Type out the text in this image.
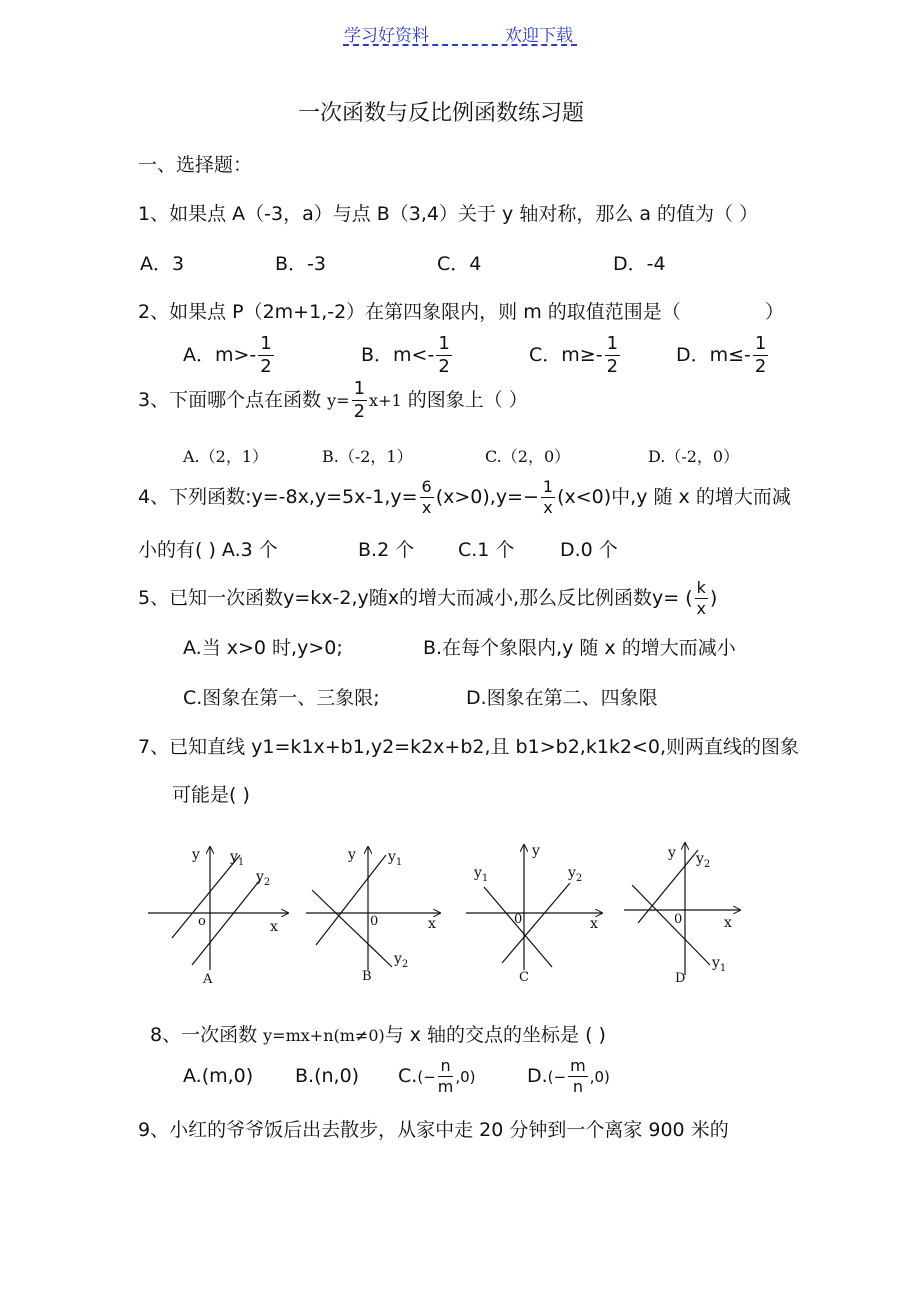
学习好资料	欢迎下载
一次函数与反比例函数练习题
一、选择题：
1、如果点 A（-3，a）与点 B（3,4）关于 y 轴对称，那么 a 的值为（ ）
A．3	B．-3	C．4	D．-4
2、如果点 P（2m+1,-2）在第四象限内，则 m 的取值范围是（	）
A．$m>- \frac{1}{2}$	B．$m<- \frac{1}{2}$	C．$m\ge- \frac{1}{2}$	D．$m\le- \frac{1}{2}$
3、下面哪个点在函数 $y= \frac{1}{2} x+1$ 的图象上（ ）
A.（2，1）	B.（-2，1）	C.（2，0）	D.（-2，0）
4、下列函数:y=-8x,y=5x-1,y= $\frac{6}{x} (x>0),y=- \frac{1}{x} (x<0)$中,y 随 x 的增大而减
小的有( ) A.3 个	B.2 个 C.1 个 D.0 个
5、已知一次函数y=kx-2,y随x的增大而减小,那么反比例函数y= ( $\frac{k}{x}$ )
A.当 x>0 时,y>0;	B.在每个象限内,y 随 x 的增大而减小
C.图象在第一、三象限;	D.图象在第二、四象限
7、已知直线 y1=k1x+b1,y2=k2x+b2,且 b1>b2,k1k2<0,则两直线的图象
可能是( )
y
x
o
$y_1$
$y_2$
A
y
x
0
$y_1$
$y_2$
B
y
x
0
$y_1$	$y_2$
C
y
x
0
$y_1$
$y_2$
D
8、一次函数 y=mx+n(m≠0)与 x 轴的交点的坐标是 ( )
A.(m,0) B.(n,0) $C.(- \frac{n}{m} ,0)$	$D.(- \frac{m}{n} ,0)$
9、小红的爷爷饭后出去散步，从家中走 20 分钟到一个离家 900 米的
